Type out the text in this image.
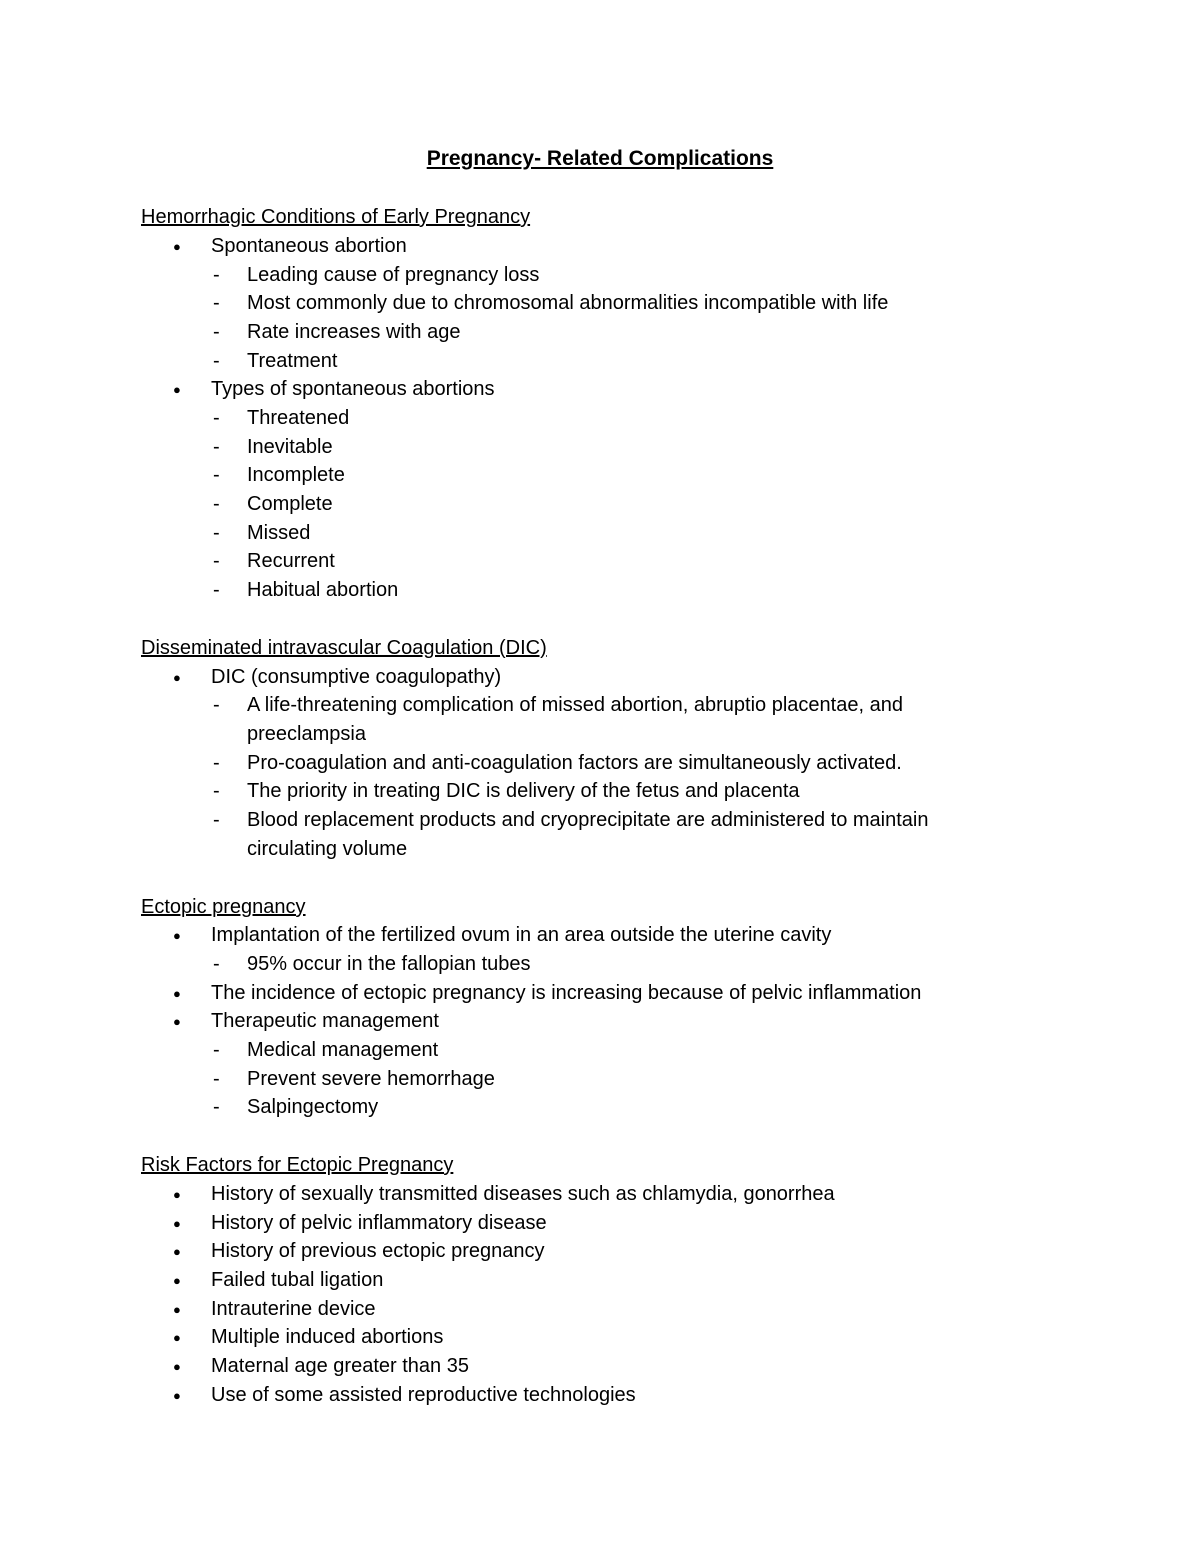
Pregnancy- Related Complications
Hemorrhagic Conditions of Early Pregnancy
● Spontaneous abortion
- Leading cause of pregnancy loss
- Most commonly due to chromosomal abnormalities incompatible with life
- Rate increases with age
- Treatment
● Types of spontaneous abortions
- Threatened
- Inevitable
- Incomplete
- Complete
- Missed
- Recurrent
- Habitual abortion
Disseminated intravascular Coagulation (DIC)
● DIC (consumptive coagulopathy)
- A life-threatening complication of missed abortion, abruptio placentae, and
preeclampsia
- Pro-coagulation and anti-coagulation factors are simultaneously activated.
- The priority in treating DIC is delivery of the fetus and placenta
- Blood replacement products and cryoprecipitate are administered to maintain
circulating volume
Ectopic pregnancy
● Implantation of the fertilized ovum in an area outside the uterine cavity
- 95% occur in the fallopian tubes
● The incidence of ectopic pregnancy is increasing because of pelvic inflammation
● Therapeutic management
- Medical management
- Prevent severe hemorrhage
- Salpingectomy
Risk Factors for Ectopic Pregnancy
● History of sexually transmitted diseases such as chlamydia, gonorrhea
● History of pelvic inflammatory disease
● History of previous ectopic pregnancy
● Failed tubal ligation
● Intrauterine device
● Multiple induced abortions
● Maternal age greater than 35
● Use of some assisted reproductive technologies
